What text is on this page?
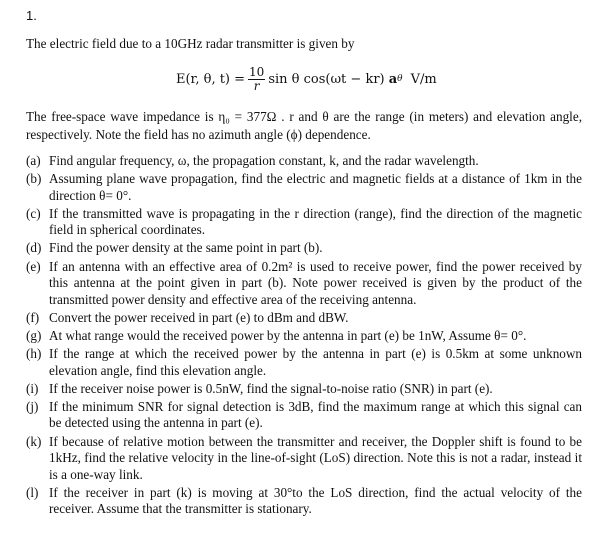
1.
The electric field due to a 10GHz radar transmitter is given by
E(r, θ, $t) = \frac{10}{r}$ sin θ cos(ωt − kr) a θ V/m
The free-space wave impedance is η₀ = 377Ω . r and θ are the range (in meters) and elevation angle, respectively. Note the field has no azimuth angle (ϕ) dependence.
(a) Find angular frequency, ω, the propagation constant, k, and the radar wavelength.
(b) Assuming plane wave propagation, find the electric and magnetic fields at a distance of 1km in the direction θ= 0°.
(c) If the transmitted wave is propagating in the r direction (range), find the direction of the magnetic field in spherical coordinates.
(d) Find the power density at the same point in part (b).
(e) If an antenna with an effective area of 0.2m² is used to receive power, find the power received by this antenna at the point given in part (b). Note power received is given by the product of the transmitted power density and effective area of the receiving antenna.
(f) Convert the power received in part (e) to dBm and dBW.
(g) At what range would the received power by the antenna in part (e) be 1nW, Assume θ= 0°.
(h) If the range at which the received power by the antenna in part (e) is 0.5km at some unknown elevation angle, find this elevation angle.
(i) If the receiver noise power is 0.5nW, find the signal-to-noise ratio (SNR) in part (e).
(j) If the minimum SNR for signal detection is 3dB, find the maximum range at which this signal can be detected using the antenna in part (e).
(k) If because of relative motion between the transmitter and receiver, the Doppler shift is found to be 1kHz, find the relative velocity in the line-of-sight (LoS) direction. Note this is not a radar, instead it is a one-way link.
(l) If the receiver in part (k) is moving at 30°to the LoS direction, find the actual velocity of the receiver. Assume that the transmitter is stationary.
